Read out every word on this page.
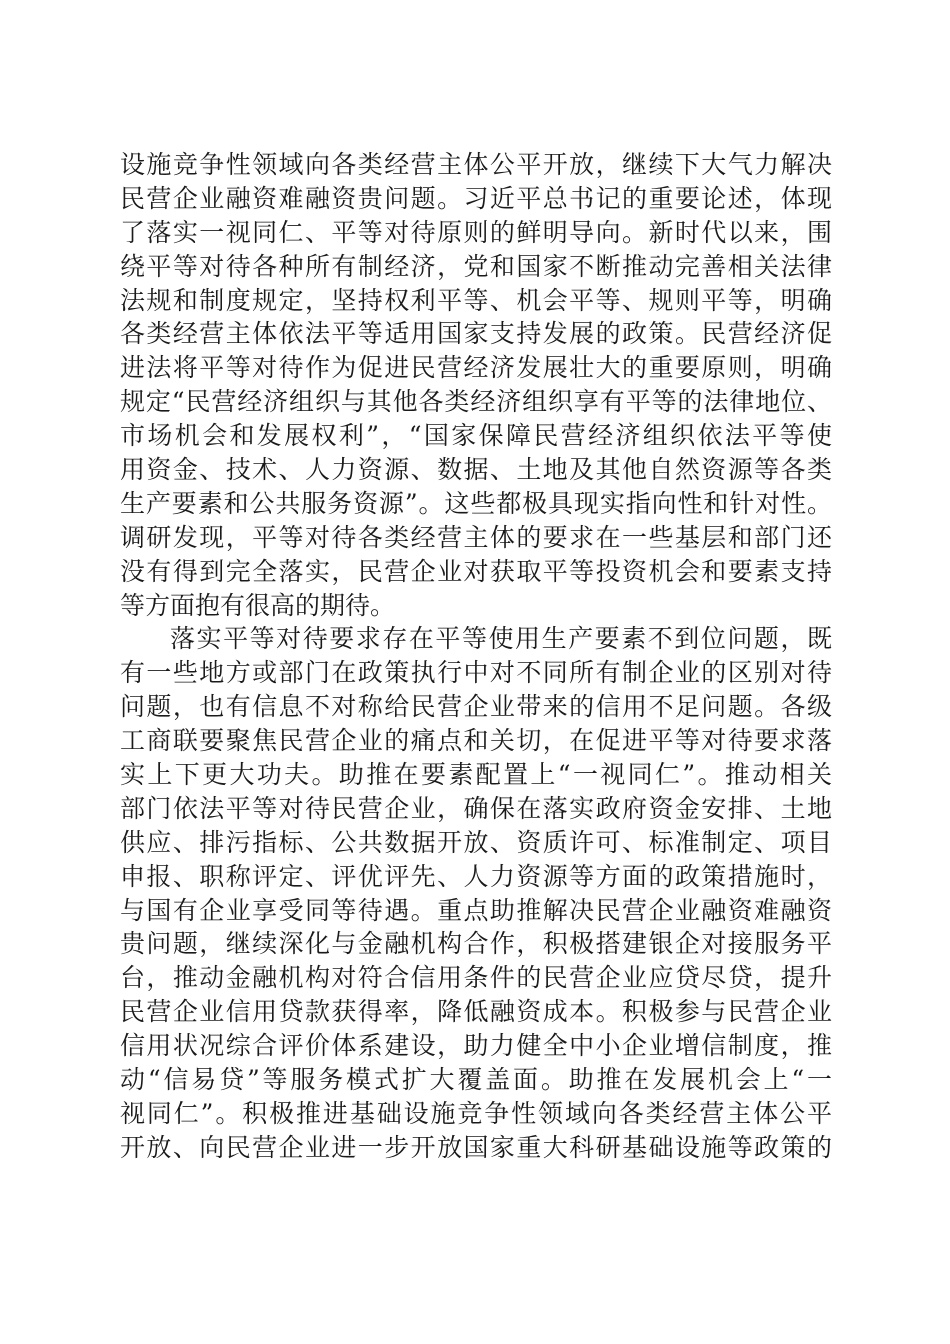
设施竞争性领域向各类经营主体公平开放，继续下大气力解决
民营企业融资难融资贵问题。习近平总书记的重要论述，体现
了落实一视同仁、平等对待原则的鲜明导向。新时代以来，围
绕平等对待各种所有制经济，党和国家不断推动完善相关法律
法规和制度规定，坚持权利平等、机会平等、规则平等，明确
各类经营主体依法平等适用国家支持发展的政策。民营经济促
进法将平等对待作为促进民营经济发展壮大的重要原则，明确
规定“民营经济组织与其他各类经济组织享有平等的法律地位、
市场机会和发展权利”，“国家保障民营经济组织依法平等使
用资金、技术、人力资源、数据、土地及其他自然资源等各类
生产要素和公共服务资源”。这些都极具现实指向性和针对性。
调研发现，平等对待各类经营主体的要求在一些基层和部门还
没有得到完全落实，民营企业对获取平等投资机会和要素支持
等方面抱有很高的期待。
落实平等对待要求存在平等使用生产要素不到位问题，既
有一些地方或部门在政策执行中对不同所有制企业的区别对待
问题，也有信息不对称给民营企业带来的信用不足问题。各级
工商联要聚焦民营企业的痛点和关切，在促进平等对待要求落
实上下更大功夫。助推在要素配置上“一视同仁”。推动相关
部门依法平等对待民营企业，确保在落实政府资金安排、土地
供应、排污指标、公共数据开放、资质许可、标准制定、项目
申报、职称评定、评优评先、人力资源等方面的政策措施时，
与国有企业享受同等待遇。重点助推解决民营企业融资难融资
贵问题，继续深化与金融机构合作，积极搭建银企对接服务平
台，推动金融机构对符合信用条件的民营企业应贷尽贷，提升
民营企业信用贷款获得率，降低融资成本。积极参与民营企业
信用状况综合评价体系建设，助力健全中小企业增信制度，推
动“信易贷”等服务模式扩大覆盖面。助推在发展机会上“一
视同仁”。积极推进基础设施竞争性领域向各类经营主体公平
开放、向民营企业进一步开放国家重大科研基础设施等政策的
